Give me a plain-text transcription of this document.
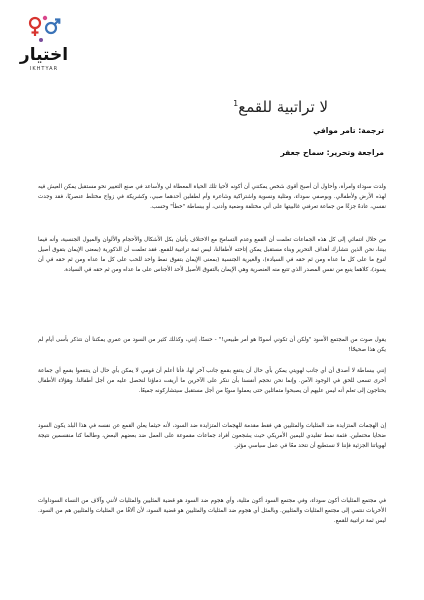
اختيار
IKHTYAR
لا تراتبية للقمع$^1$
ترجمة: تامر موافي
مراجعة وتحرير: سماح جعفر

ولدت سوداء وامرأة، وأحاول أن أصبح أقوى شخص يمكنني أن أكونه لأحيا تلك الحياة المعطاة لي ولأساعد في صنع التغيير نحو مستقبل يمكن العيش فيه لهذه الأرض ولأطفالي. وبوصفي سوداء، ومثلية ونسوية واشتراكية وشاعرة وأم لطفلين أحدهما صبي، وكشريكة في زواج مختلط عنصريًا، فقد وجدت نفسي، عادةً جزءًا من جماعة تعرفني غالبيتها على أني مختلفة وضعية وأدنى، أو ببساطة "خطأ" وحسب.

من خلال انتمائي إلى كل هذه الجماعات تعلمت أن القمع وعدم التسامح مع الاختلاف يأتيان بكل الأشكال والأحجام والألوان والميول الجنسية، وأنه فيما بيننا، نحن الذين نتشارك أهداف التحرير وبناء مستقبل يمكن إتاحته لأطفالنا، ليس ثمة تراتبية للقمع. فقد تعلمت أن الذكورية (بمعنى الإيمان بتفوق أصيل لنوع ما على كل ما عداه ومن ثم حقه في السيادة)، والغيرية الجنسية (بمعنى الإيمان بتفوق نمط واحد للحب على كل ما عداه ومن ثم حقه في أن يسود)، كلاهما ينبع من نفس المصدر الذي تتبع منه العنصرية وهي الإيمان بالتفوق الأصيل لأحد الأجناس على ما عداه ومن ثم حقه في السيادة.

يقول صوت من المجتمع الأسود "ولكن أن تكوني أسودًا هو أمر طبيعي!" - حسنًا، إنني، وكذلك كثير من السود من عمري يمكننا أن نتذكر بأسى أيام لم يكن هذا صحيحًا!

إنني ببساطة لا أصدق أن أي جانب لهويتي يمكن بأي حال أن ينتفع بقمع جانب آخر لها، فأنا أعلم أن قومي لا يمكن بأي حال أن ينتفعوا بقمع أي جماعة أخرى تسعى للحق في الوجود الآمن. وإنما نحن نحجم أنفسنا بأن ننكر على الآخرين ما أريقت دماؤنا لنحصل عليه من أجل أطفالنا. وهؤلاء الأطفال يحتاجون إلى تعلم أنه ليس عليهم أن يصبحوا متماثلين حتى يعملوا سويًا من أجل مستقبل سيتشاركونه جميعًا.

إن الهجمات المتزايدة ضد المثليات والمثليين هي فقط مقدمة للهجمات المتزايدة ضد السود، لأنه حيثما يعلن القمع عن نفسه في هذا البلد يكون السود ضحايا محتملين. فثمة نمط تقليدي لليمين الأمريكي حيث يشجعون أفراد جماعات مقموعة على العمل ضد بعضهم البعض، وطالما كنا منقسمين نتيجة لهوياتنا الجزئية فإننا لا نستطيع أن نتحد معًا في عمل سياسي مؤثر.

في مجتمع المثليات أكون سوداء، وفي مجتمع السود أكون مثلية، وأي هجوم ضد السود هو قضية المثليين والمثليات لأنني وآلاف من النساء السوداوات الأخريات ننتمي إلى مجتمع المثليات والمثليين. وبالمثل أي هجوم ضد المثليات والمثليين هو قضية السود، لأن آلافًا من المثليات والمثليين هم من السود. ليس ثمة تراتبية للقمع.
